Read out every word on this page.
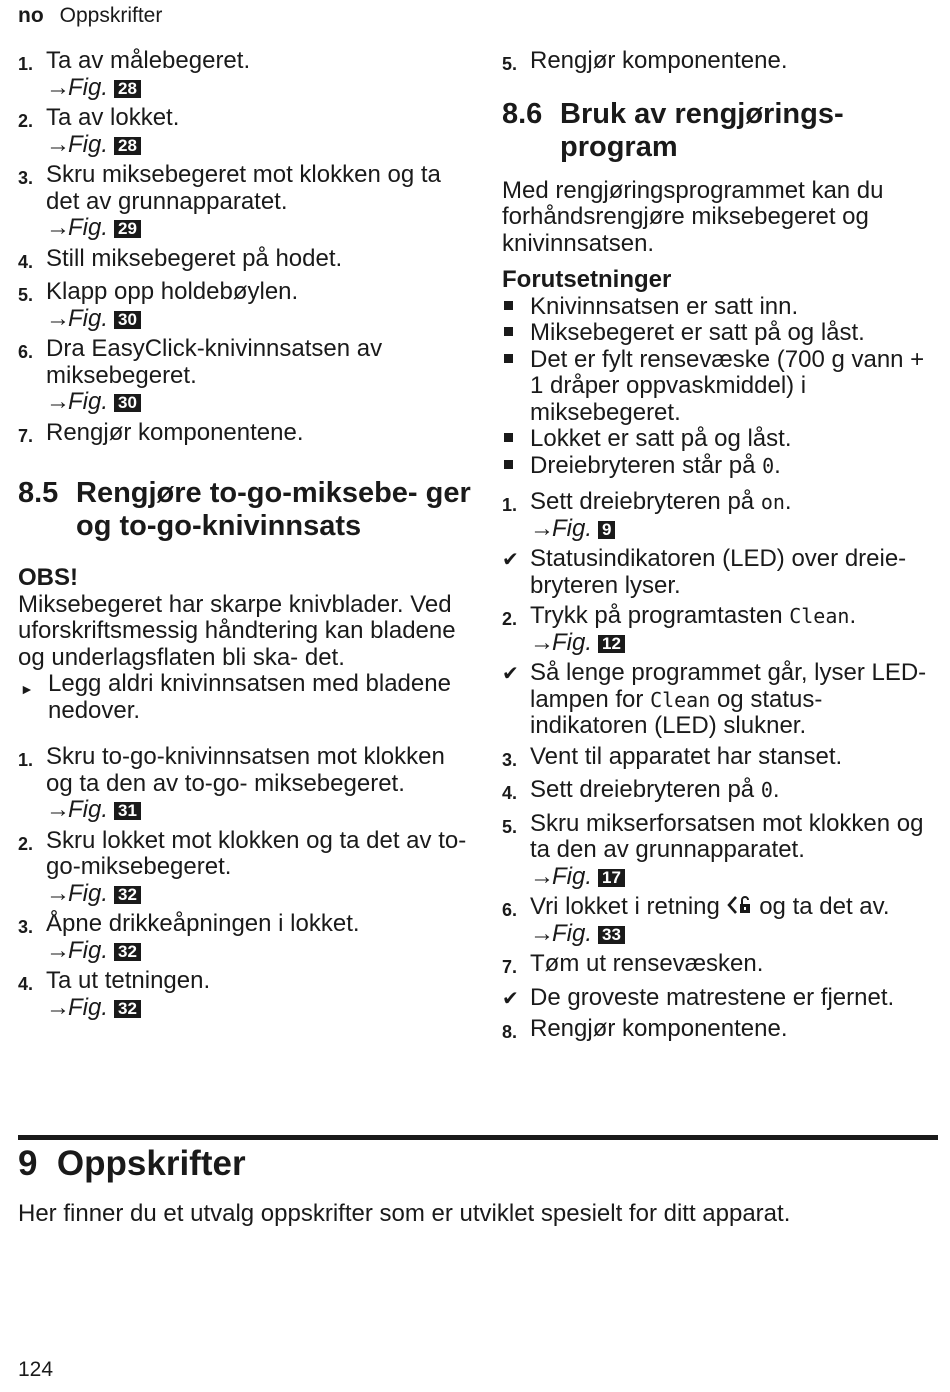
no Oppskrifter
1. Ta av målebegeret.
→Fig. 28
2. Ta av lokket.
→Fig. 28
3. Skru miksebegeret mot klokken og ta det av grunnapparatet.
→Fig. 29
4. Still miksebegeret på hodet.
5. Klapp opp holdebøylen.
→Fig. 30
6. Dra EasyClick-knivinnsatsen av miksebegeret.
→Fig. 30
7. Rengjør komponentene.
8.5 Rengjøre to-go-miksebe- ger og to-go-knivinnsats
OBS!
Miksebegeret har skarpe knivblader. Ved uforskriftsmessig håndtering kan bladene og underlagsflaten bli ska- det.
► Legg aldri knivinnsatsen med bladene nedover.
1. Skru to-go-knivinnsatsen mot klokken og ta den av to-go- miksebegeret.
→Fig. 31
2. Skru lokket mot klokken og ta det av to-go-miksebegeret.
→Fig. 32
3. Åpne drikkeåpningen i lokket.
→Fig. 32
4. Ta ut tetningen.
→Fig. 32
5. Rengjør komponentene.
8.6 Bruk av rengjørings- program
Med rengjøringsprogrammet kan du forhåndsrengjøre miksebegeret og knivinnsatsen.
Forutsetninger
Knivinnsatsen er satt inn.
Miksebegeret er satt på og låst.
Det er fylt rensevæske (700 g vann + 1 dråper oppvaskmiddel) i miksebegeret.
Lokket er satt på og låst.
Dreiebryteren står på 0.
1. Sett dreiebryteren på on.
→Fig. 9
✔ Statusindikatoren (LED) over dreie- bryteren lyser.
2. Trykk på programtasten Clean.
→Fig. 12
✔ Så lenge programmet går, lyser LED-lampen for Clean og status- indikatoren (LED) slukner.
3. Vent til apparatet har stanset.
4. Sett dreiebryteren på 0.
5. Skru mikserforsatsen mot klokken og ta den av grunnapparatet.
→Fig. 17
6. Vri lokket i retning  og ta det av.
→Fig. 33
7. Tøm ut rensevæsken.
✔ De groveste matrestene er fjernet.
8. Rengjør komponentene.
9 Oppskrifter
Her finner du et utvalg oppskrifter som er utviklet spesielt for ditt apparat.
124
